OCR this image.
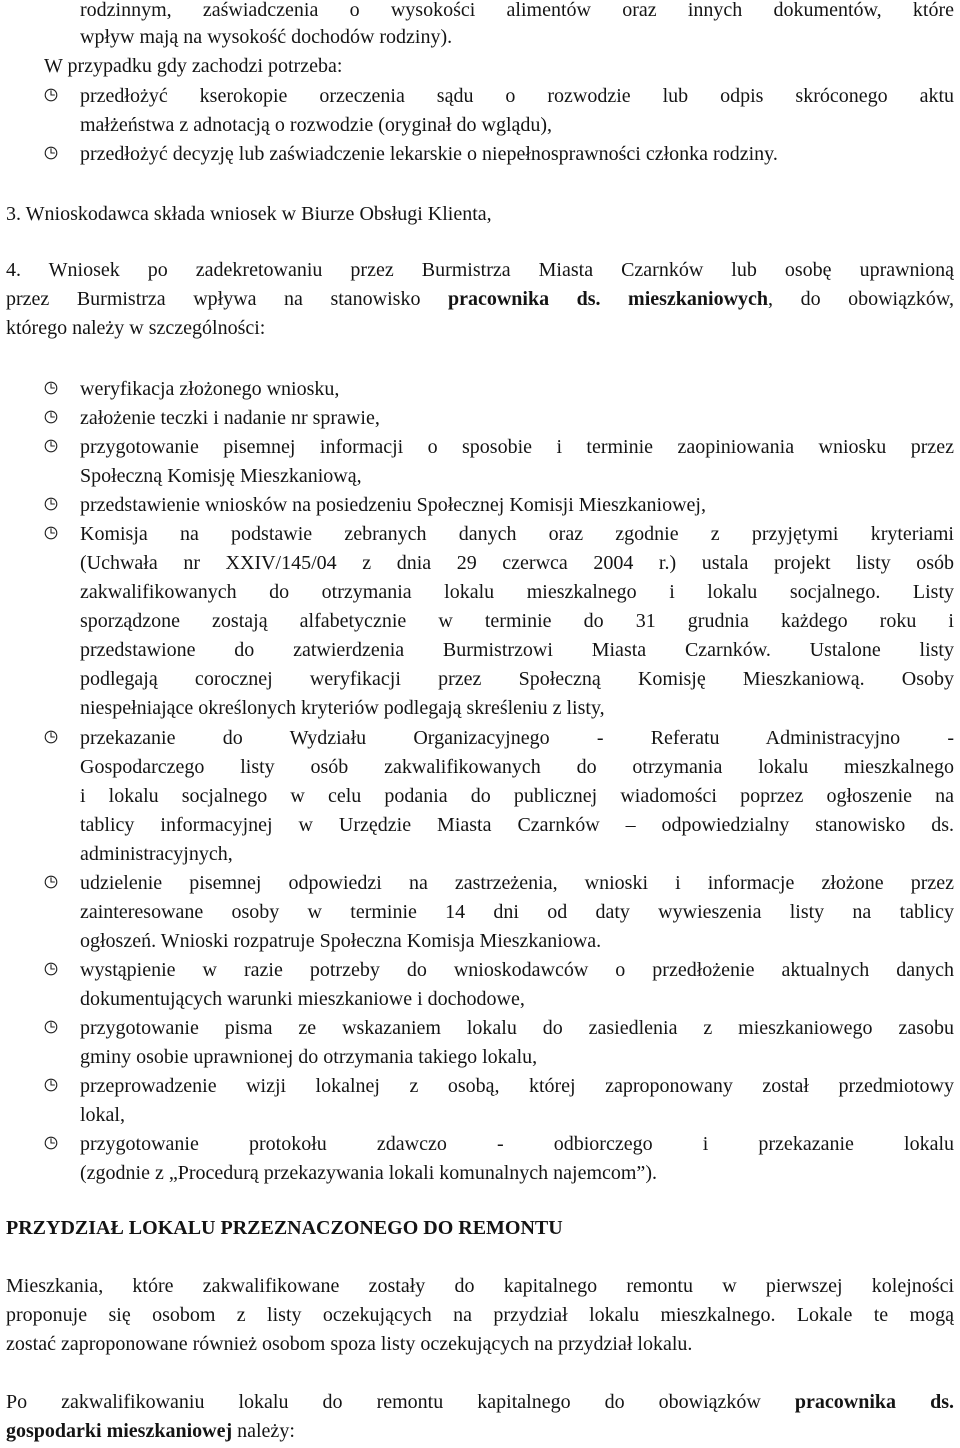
rodzinnym, zaświadczenia o wysokości alimentów oraz innych dokumentów, które
wpływ mają na wysokość dochodów rodziny).
W przypadku gdy zachodzi potrzeba:
przedłożyć kserokopie orzeczenia sądu o rozwodzie lub odpis skróconego aktu
małżeństwa z adnotacją o rozwodzie (oryginał do wglądu),
przedłożyć decyzję lub zaświadczenie lekarskie o niepełnosprawności członka rodziny.
3. Wnioskodawca składa wniosek w Biurze Obsługi Klienta,
4. Wniosek po zadekretowaniu przez Burmistrza Miasta Czarnków lub osobę uprawnioną
przez Burmistrza wpływa na stanowisko pracownika ds. mieszkaniowych, do obowiązków,
którego należy w szczególności:
weryfikacja złożonego wniosku,
założenie teczki i nadanie nr sprawie,
przygotowanie pisemnej informacji o sposobie i terminie zaopiniowania wniosku przez
Społeczną Komisję Mieszkaniową,
przedstawienie wniosków na posiedzeniu Społecznej Komisji Mieszkaniowej,
Komisja na podstawie zebranych danych oraz zgodnie z przyjętymi kryteriami
(Uchwała nr XXIV/145/04 z dnia 29 czerwca 2004 r.) ustala projekt listy osób
zakwalifikowanych do otrzymania lokalu mieszkalnego i lokalu socjalnego. Listy
sporządzone zostają alfabetycznie w terminie do 31 grudnia każdego roku i
przedstawione do zatwierdzenia Burmistrzowi Miasta Czarnków. Ustalone listy
podlegają corocznej weryfikacji przez Społeczną Komisję Mieszkaniową. Osoby
niespełniające określonych kryteriów podlegają skreśleniu z listy,
przekazanie do Wydziału Organizacyjnego - Referatu Administracyjno -
Gospodarczego listy osób zakwalifikowanych do otrzymania lokalu mieszkalnego
i lokalu socjalnego w celu podania do publicznej wiadomości poprzez ogłoszenie na
tablicy informacyjnej w Urzędzie Miasta Czarnków – odpowiedzialny stanowisko ds.
administracyjnych,
udzielenie pisemnej odpowiedzi na zastrzeżenia, wnioski i informacje złożone przez
zainteresowane osoby w terminie 14 dni od daty wywieszenia listy na tablicy
ogłoszeń. Wnioski rozpatruje Społeczna Komisja Mieszkaniowa.
wystąpienie w razie potrzeby do wnioskodawców o przedłożenie aktualnych danych
dokumentujących warunki mieszkaniowe i dochodowe,
przygotowanie pisma ze wskazaniem lokalu do zasiedlenia z mieszkaniowego zasobu
gminy osobie uprawnionej do otrzymania takiego lokalu,
przeprowadzenie wizji lokalnej z osobą, której zaproponowany został przedmiotowy
lokal,
przygotowanie protokołu zdawczo - odbiorczego i przekazanie lokalu
(zgodnie z „Procedurą przekazywania lokali komunalnych najemcom”).
PRZYDZIAŁ LOKALU PRZEZNACZONEGO DO REMONTU
Mieszkania, które zakwalifikowane zostały do kapitalnego remontu w pierwszej kolejności
proponuje się osobom z listy oczekujących na przydział lokalu mieszkalnego. Lokale te mogą
zostać zaproponowane również osobom spoza listy oczekujących na przydział lokalu.
Po zakwalifikowaniu lokalu do remontu kapitalnego do obowiązków pracownika ds.
gospodarki mieszkaniowej należy:
